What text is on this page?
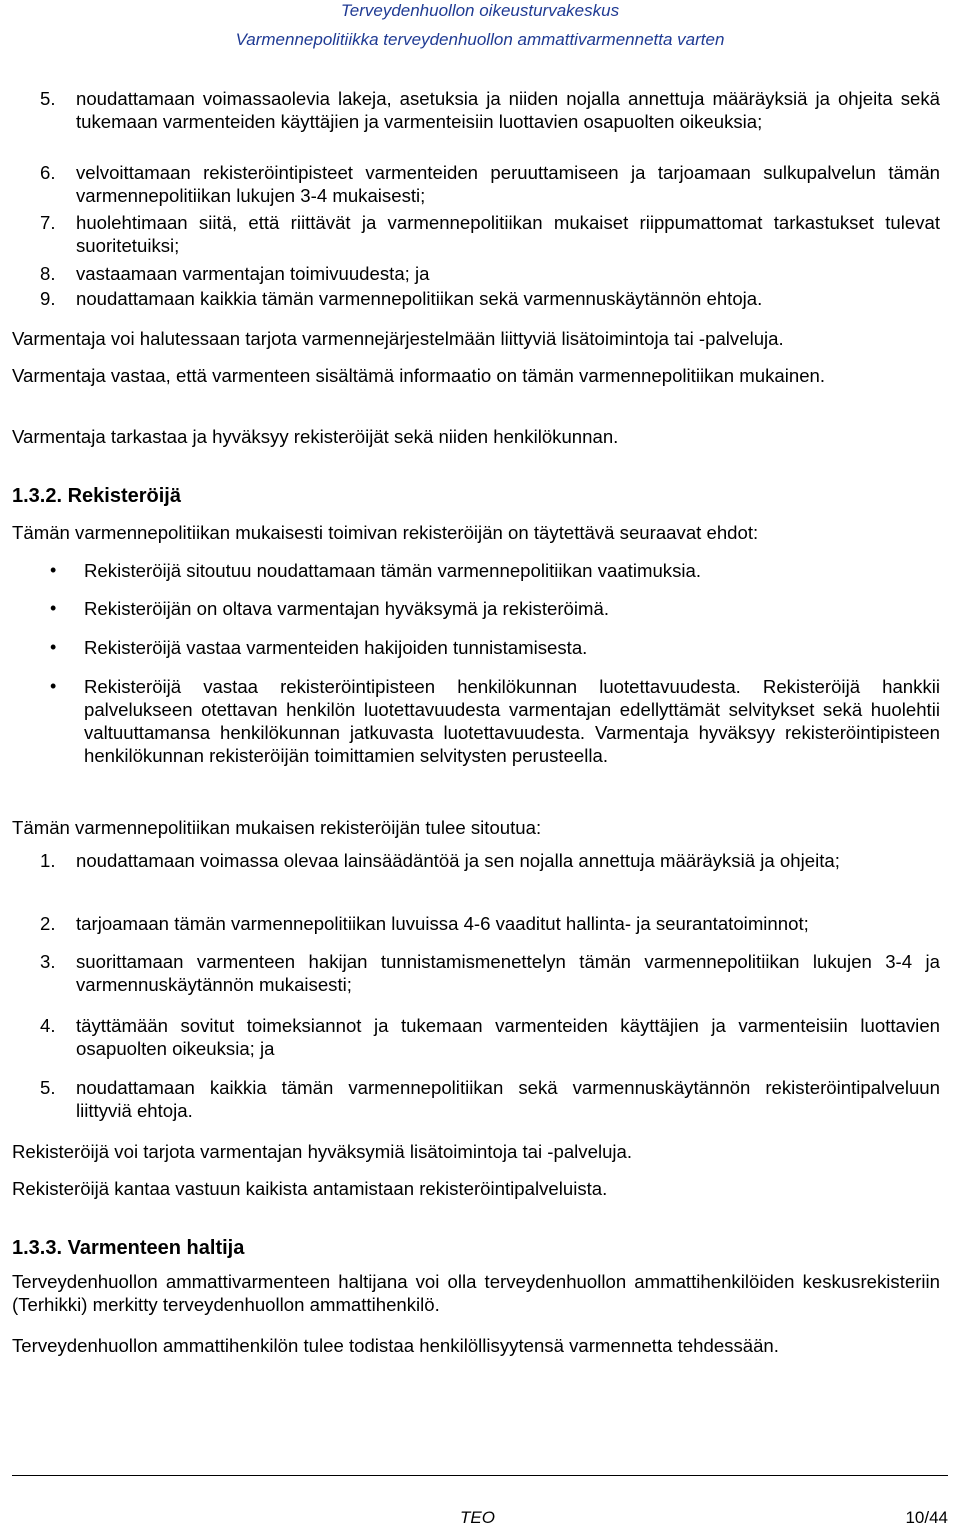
Terveydenhuollon oikeusturvakeskus
Varmennepolitiikka terveydenhuollon ammattivarmennetta varten
5. noudattamaan voimassaolevia lakeja, asetuksia ja niiden nojalla annettuja määräyksiä ja ohjeita sekä tukemaan varmenteiden käyttäjien ja varmenteisiin luottavien osapuolten oikeuksia;
6. velvoittamaan rekisteröintipisteet varmenteiden peruuttamiseen ja tarjoamaan sulkupalvelun tämän varmennepolitiikan lukujen 3-4 mukaisesti;
7. huolehtimaan siitä, että riittävät ja varmennepolitiikan mukaiset riippumattomat tarkastukset tulevat suoritetuiksi;
8. vastaamaan varmentajan toimivuudesta; ja
9. noudattamaan kaikkia tämän varmennepolitiikan sekä varmennuskäytännön ehtoja.
Varmentaja voi halutessaan tarjota varmennejärjestelmään liittyviä lisätoimintoja tai -palveluja.
Varmentaja vastaa, että varmenteen sisältämä informaatio on tämän varmennepolitiikan mukainen.
Varmentaja tarkastaa ja hyväksyy rekisteröijät sekä niiden henkilökunnan.
1.3.2. Rekisteröijä
Tämän varmennepolitiikan mukaisesti toimivan rekisteröijän on täytettävä seuraavat ehdot:
• Rekisteröijä sitoutuu noudattamaan tämän varmennepolitiikan vaatimuksia.
• Rekisteröijän on oltava varmentajan hyväksymä ja rekisteröimä.
• Rekisteröijä vastaa varmenteiden hakijoiden tunnistamisesta.
• Rekisteröijä vastaa rekisteröintipisteen henkilökunnan luotettavuudesta. Rekisteröijä hankkii palvelukseen otettavan henkilön luotettavuudesta varmentajan edellyttämät selvitykset sekä huolehtii valtuuttamansa henkilökunnan jatkuvasta luotettavuudesta. Varmentaja hyväksyy rekisteröintipisteen henkilökunnan rekisteröijän toimittamien selvitysten perusteella.
Tämän varmennepolitiikan mukaisen rekisteröijän tulee sitoutua:
1. noudattamaan voimassa olevaa lainsäädäntöä ja sen nojalla annettuja määräyksiä ja ohjeita;
2. tarjoamaan tämän varmennepolitiikan luvuissa 4-6 vaaditut hallinta- ja seurantatoiminnot;
3. suorittamaan varmenteen hakijan tunnistamismenettelyn tämän varmennepolitiikan lukujen 3-4 ja varmennuskäytännön mukaisesti;
4. täyttämään sovitut toimeksiannot ja tukemaan varmenteiden käyttäjien ja varmenteisiin luottavien osapuolten oikeuksia; ja
5. noudattamaan kaikkia tämän varmennepolitiikan sekä varmennuskäytännön rekisteröintipalveluun liittyviä ehtoja.
Rekisteröijä voi tarjota varmentajan hyväksymiä lisätoimintoja tai -palveluja.
Rekisteröijä kantaa vastuun kaikista antamistaan rekisteröintipalveluista.
1.3.3. Varmenteen haltija
Terveydenhuollon ammattivarmenteen haltijana voi olla terveydenhuollon ammattihenkilöiden keskusrekisteriin (Terhikki) merkitty terveydenhuollon ammattihenkilö.
Terveydenhuollon ammattihenkilön tulee todistaa henkilöllisyytensä varmennetta tehdessään.
TEO	10/44
